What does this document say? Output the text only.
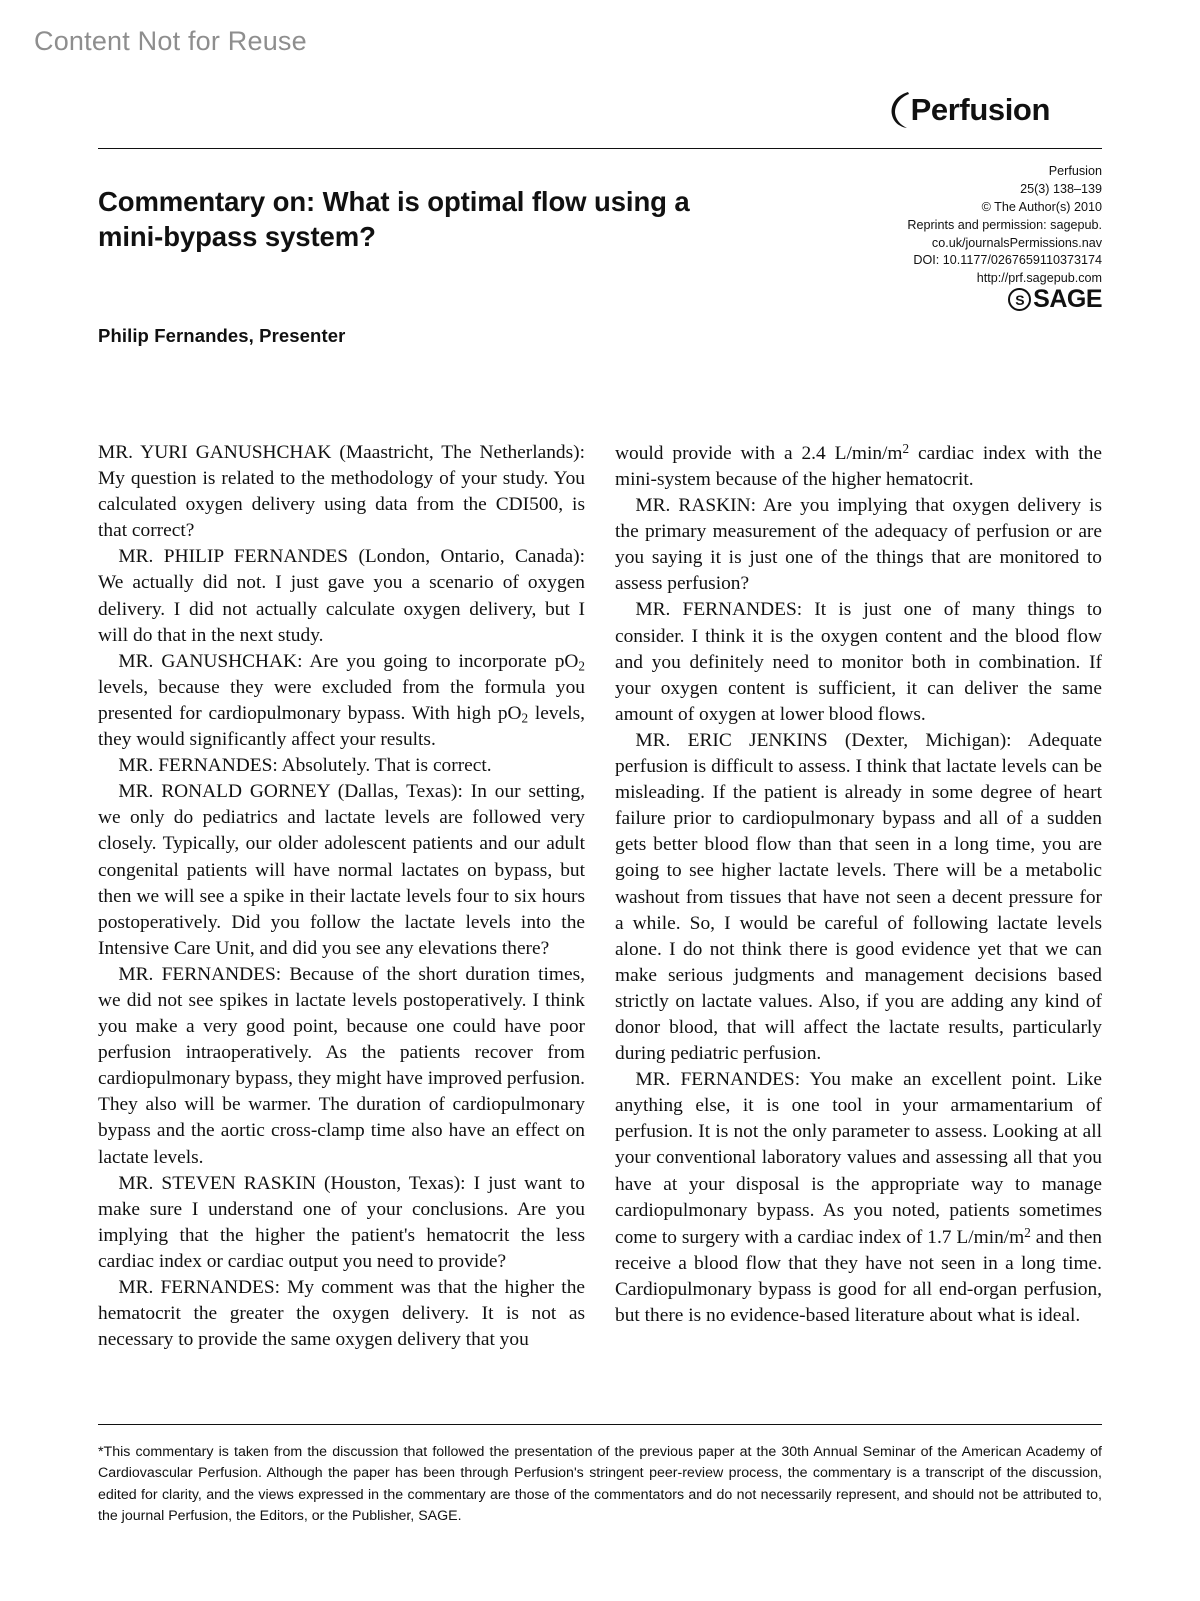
Content Not for Reuse
Perfusion
Perfusion
25(3) 138–139
© The Author(s) 2010
Reprints and permission: sagepub.
co.uk/journalsPermissions.nav
DOI: 10.1177/0267659110373174
http://prf.sagepub.com
S
SAGE
Commentary on: What is optimal flow using a mini-bypass system?
Philip Fernandes, Presenter

MR. YURI GANUSHCHAK (Maastricht, The Netherlands): My question is related to the methodology of your study. You calculated oxygen delivery using data from the CDI500, is that correct?

MR. PHILIP FERNANDES (London, Ontario, Canada): We actually did not. I just gave you a scenario of oxygen delivery. I did not actually calculate oxygen delivery, but I will do that in the next study.

MR. GANUSHCHAK: Are you going to incorporate $pO_2$ levels, because they were excluded from the formula you presented for cardiopulmonary bypass. With high $pO_2$ levels, they would significantly affect your results.

MR. FERNANDES: Absolutely. That is correct.

MR. RONALD GORNEY (Dallas, Texas): In our setting, we only do pediatrics and lactate levels are followed very closely. Typically, our older adolescent patients and our adult congenital patients will have normal lactates on bypass, but then we will see a spike in their lactate levels four to six hours postoperatively. Did you follow the lactate levels into the Intensive Care Unit, and did you see any elevations there?

MR. FERNANDES: Because of the short duration times, we did not see spikes in lactate levels postoperatively. I think you make a very good point, because one could have poor perfusion intraoperatively. As the patients recover from cardiopulmonary bypass, they might have improved perfusion. They also will be warmer. The duration of cardiopulmonary bypass and the aortic cross-clamp time also have an effect on lactate levels.

MR. STEVEN RASKIN (Houston, Texas): I just want to make sure I understand one of your conclusions. Are you implying that the higher the patient's hematocrit the less cardiac index or cardiac output you need to provide?

MR. FERNANDES: My comment was that the higher the hematocrit the greater the oxygen delivery. It is not as necessary to provide the same oxygen delivery that you

would provide with a 2.4 $L/\min/m^2$ cardiac index with the mini-system because of the higher hematocrit.

MR. RASKIN: Are you implying that oxygen delivery is the primary measurement of the adequacy of perfusion or are you saying it is just one of the things that are monitored to assess perfusion?

MR. FERNANDES: It is just one of many things to consider. I think it is the oxygen content and the blood flow and you definitely need to monitor both in combination. If your oxygen content is sufficient, it can deliver the same amount of oxygen at lower blood flows.

MR. ERIC JENKINS (Dexter, Michigan): Adequate perfusion is difficult to assess. I think that lactate levels can be misleading. If the patient is already in some degree of heart failure prior to cardiopulmonary bypass and all of a sudden gets better blood flow than that seen in a long time, you are going to see higher lactate levels. There will be a metabolic washout from tissues that have not seen a decent pressure for a while. So, I would be careful of following lactate levels alone. I do not think there is good evidence yet that we can make serious judgments and management decisions based strictly on lactate values. Also, if you are adding any kind of donor blood, that will affect the lactate results, particularly during pediatric perfusion.

MR. FERNANDES: You make an excellent point. Like anything else, it is one tool in your armamentarium of perfusion. It is not the only parameter to assess. Looking at all your conventional laboratory values and assessing all that you have at your disposal is the appropriate way to manage cardiopulmonary bypass. As you noted, patients sometimes come to surgery with a cardiac index of 1.7 $L/\min/m^2$ and then receive a blood flow that they have not seen in a long time. Cardiopulmonary bypass is good for all end-organ perfusion, but there is no evidence-based literature about what is ideal.

*This commentary is taken from the discussion that followed the presentation of the previous paper at the 30th Annual Seminar of the American Academy of Cardiovascular Perfusion. Although the paper has been through Perfusion's stringent peer-review process, the commentary is a transcript of the discussion, edited for clarity, and the views expressed in the commentary are those of the commentators and do not necessarily represent, and should not be attributed to, the journal Perfusion, the Editors, or the Publisher, SAGE.
